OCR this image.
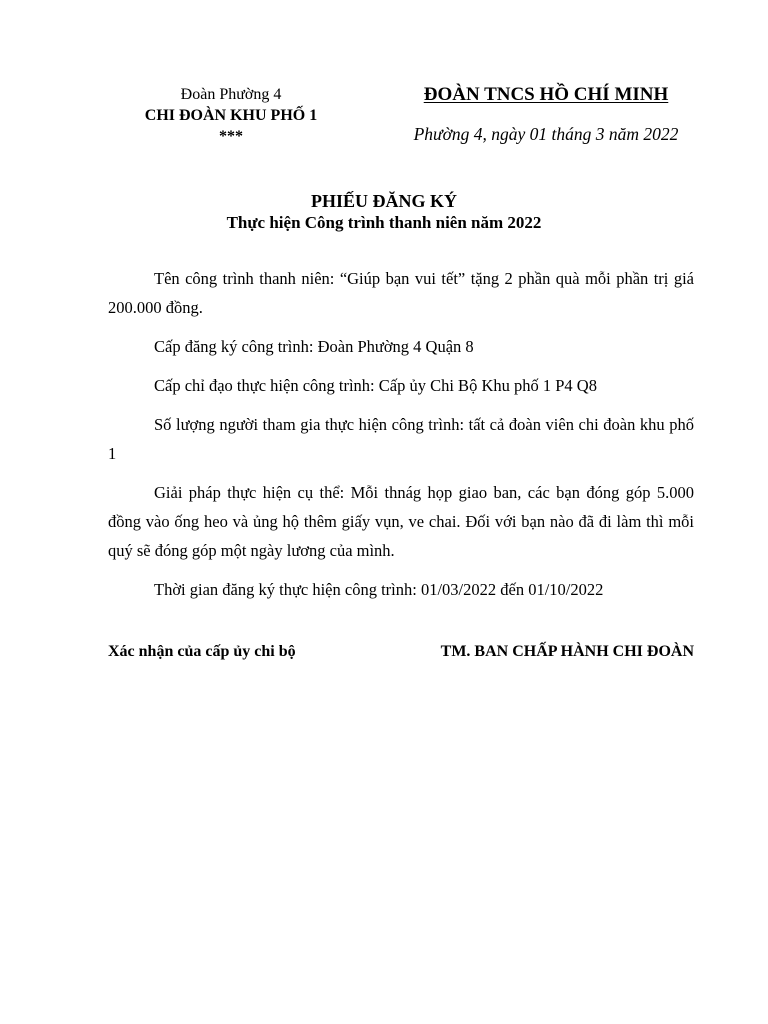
Đoàn Phường 4
CHI ĐOÀN KHU PHỐ 1
***
ĐOÀN TNCS HỒ CHÍ MINH
Phường 4, ngày 01 tháng 3 năm 2022
PHIẾU ĐĂNG KÝ
Thực hiện Công trình thanh niên năm 2022

Tên công trình thanh niên: “Giúp bạn vui tết” tặng 2 phần quà mỗi phần trị giá 200.000 đồng.

Cấp đăng ký công trình: Đoàn Phường 4 Quận 8

Cấp chỉ đạo thực hiện công trình: Cấp ủy Chi Bộ Khu phố 1 P4 Q8

Số lượng người tham gia thực hiện công trình: tất cả đoàn viên chi đoàn khu phố 1

Giải pháp thực hiện cụ thể: Mỗi thnág họp giao ban, các bạn đóng góp 5.000 đồng vào ống heo và ủng hộ thêm giấy vụn, ve chai. Đối với bạn nào đã đi làm thì mỗi quý sẽ đóng góp một ngày lương của mình.

Thời gian đăng ký thực hiện công trình: 01/03/2022 đến 01/10/2022

Xác nhận của cấp ủy chi bộ	TM. BAN CHẤP HÀNH CHI ĐOÀN
